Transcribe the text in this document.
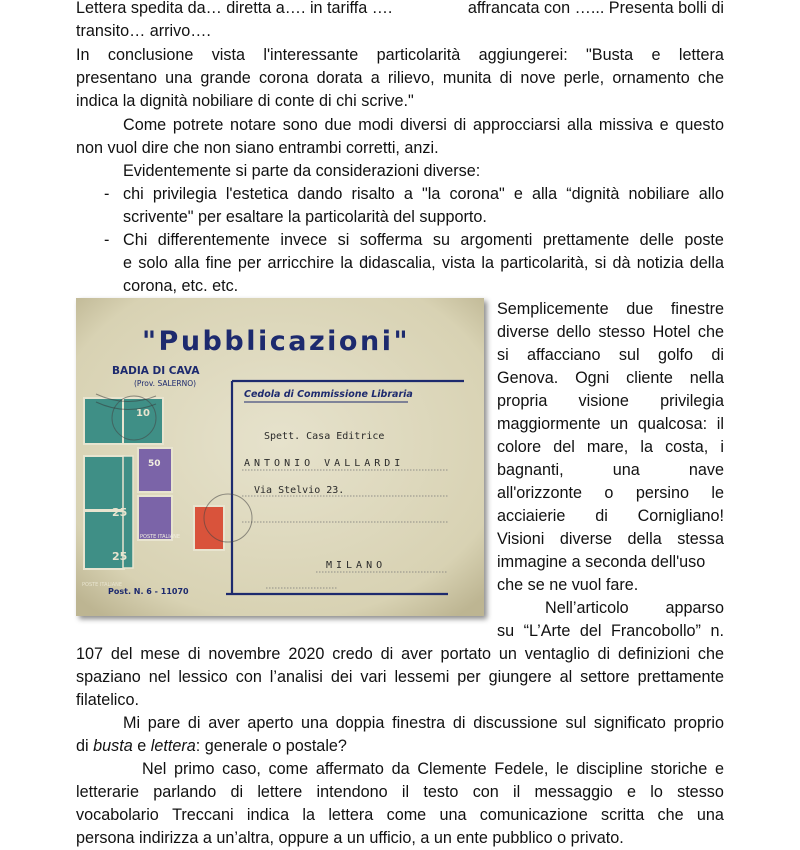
Lettera spedita da… diretta a…. in tariffa ….	affrancata con …... Presenta bolli di
transito… arrivo….
In conclusione vista l'interessante particolarità aggiungerei: "Busta e lettera
presentano una grande corona dorata a rilievo, munita di nove perle, ornamento che
indica la dignità nobiliare di conte di chi scrive."
Come potrete notare sono due modi diversi di approcciarsi alla missiva e questo
non vuol dire che non siano entrambi corretti, anzi.
Evidentemente si parte da considerazioni diverse:
- chi privilegia l'estetica dando risalto a "la corona" e alla “dignità nobiliare allo
scrivente" per esaltare la particolarità del supporto.
- Chi differentemente invece si sofferma su argomenti prettamente delle poste
e solo alla fine per arricchire la didascalia, vista la particolarità, si dà notizia della
corona, etc. etc.
"Pubblicazioni"
BADIA DI CAVA
(Prov. SALERNO)
Cedola di Commissione Libraria
Spett. Casa Editrice
ANTONIO VALLARDI
Via Stelvio 23.
MILANO
25
25
10
50
POSTE ITALIANE
Post. N. 6 - 11070
POSTE ITALIANE
Semplicemente due finestre
diverse dello stesso Hotel che
si affacciano sul golfo di
Genova. Ogni cliente nella
propria visione privilegia
maggiormente un qualcosa: il
colore del mare, la costa, i
bagnanti,	una	nave
all'orizzonte o persino le
acciaierie di Cornigliano!
Visioni diverse della stessa
immagine a seconda dell'uso
che se ne vuol fare.
Nell’articolo apparso
su “L’Arte del Francobollo” n.
107 del mese di novembre 2020 credo di aver portato un ventaglio di definizioni che
spaziano nel lessico con l’analisi dei vari lessemi per giungere al settore prettamente
filatelico.
Mi pare di aver aperto una doppia finestra di discussione sul significato proprio
di busta e lettera: generale o postale?
Nel primo caso, come affermato da Clemente Fedele, le discipline storiche e
letterarie parlando di lettere intendono il testo con il messaggio e lo stesso
vocabolario Treccani indica la lettera come una comunicazione scritta che una
persona indirizza a un’altra, oppure a un ufficio, a un ente pubblico o privato.
